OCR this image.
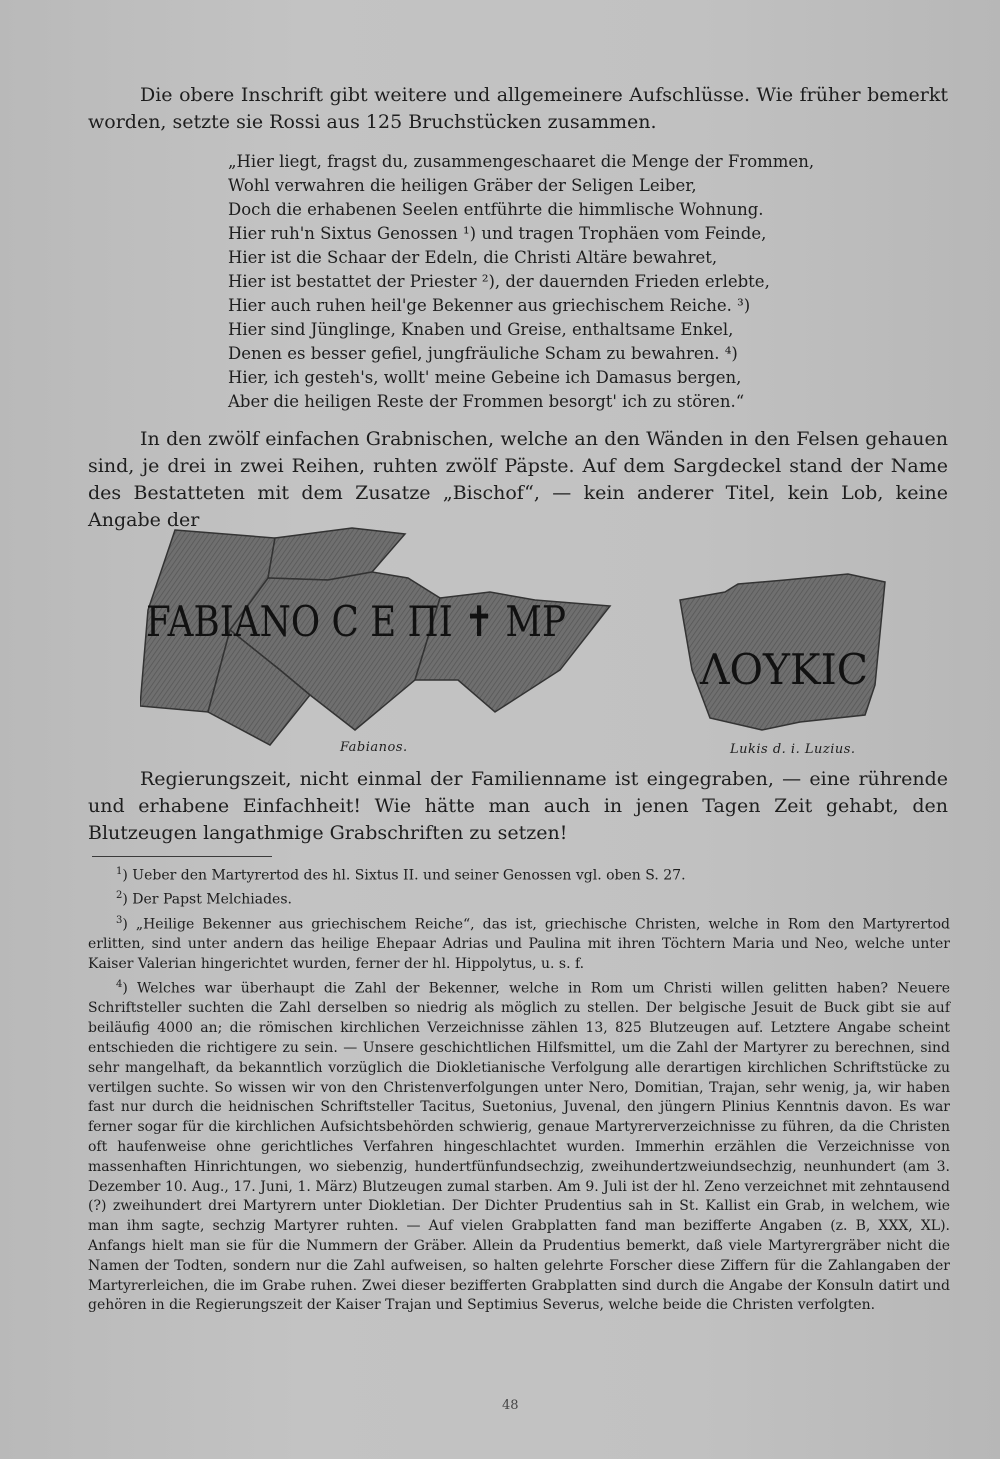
Die obere Inschrift gibt weitere und allgemeinere Aufschlüsse. Wie früher bemerkt worden, setzte sie Rossi aus 125 Bruchstücken zusammen.

„Hier liegt, fragst du, zusammengeschaaret die Menge der Frommen,
Wohl verwahren die heiligen Gräber der Seligen Leiber,
Doch die erhabenen Seelen entführte die himmlische Wohnung.
Hier ruh'n Sixtus Genossen ¹) und tragen Trophäen vom Feinde,
Hier ist die Schaar der Edeln, die Christi Altäre bewahret,
Hier ist bestattet der Priester ²), der dauernden Frieden erlebte,
Hier auch ruhen heil'ge Bekenner aus griechischem Reiche. ³)
Hier sind Jünglinge, Knaben und Greise, enthaltsame Enkel,
Denen es besser gefiel, jungfräuliche Scham zu bewahren. ⁴)
Hier, ich gesteh's, wollt' meine Gebeine ich Damasus bergen,
Aber die heiligen Reste der Frommen besorgt' ich zu stören.“

In den zwölf einfachen Grabnischen, welche an den Wänden in den Felsen gehauen sind, je drei in zwei Reihen, ruhten zwölf Päpste. Auf dem Sargdeckel stand der Name des Bestatteten mit dem Zusatze „Bischof“, — kein anderer Titel, kein Lob, keine Angabe der

FABIANO C E ΠΙ ✝ ΜΡ
Fabianos.
ΛΟΥΚΙC
Lukis d. i. Luzius.

Regierungszeit, nicht einmal der Familienname ist eingegraben, — eine rührende und erhabene Einfachheit! Wie hätte man auch in jenen Tagen Zeit gehabt, den Blutzeugen langathmige Grabschriften zu setzen!

$^1$) Ueber den Martyrertod des hl. Sixtus II. und seiner Genossen vgl. oben S. 27.

$^2$) Der Papst Melchiades.

$^3$) „Heilige Bekenner aus griechischem Reiche“, das ist, griechische Christen, welche in Rom den Martyrertod erlitten, sind unter andern das heilige Ehepaar Adrias und Paulina mit ihren Töchtern Maria und Neo, welche unter Kaiser Valerian hingerichtet wurden, ferner der hl. Hippolytus, u. s. f.

$^4$) Welches war überhaupt die Zahl der Bekenner, welche in Rom um Christi willen gelitten haben? Neuere Schriftsteller suchten die Zahl derselben so niedrig als möglich zu stellen. Der belgische Jesuit de Buck gibt sie auf beiläufig 4000 an; die römischen kirchlichen Verzeichnisse zählen 13, 825 Blutzeugen auf. Letztere Angabe scheint entschieden die richtigere zu sein. — Unsere geschichtlichen Hilfsmittel, um die Zahl der Martyrer zu berechnen, sind sehr mangelhaft, da bekanntlich vorzüglich die Diokletianische Verfolgung alle derartigen kirchlichen Schriftstücke zu vertilgen suchte. So wissen wir von den Christenverfolgungen unter Nero, Domitian, Trajan, sehr wenig, ja, wir haben fast nur durch die heidnischen Schriftsteller Tacitus, Suetonius, Juvenal, den jüngern Plinius Kenntnis davon. Es war ferner sogar für die kirchlichen Aufsichtsbehörden schwierig, genaue Martyrerverzeichnisse zu führen, da die Christen oft haufenweise ohne gerichtliches Verfahren hingeschlachtet wurden. Immerhin erzählen die Verzeichnisse von massenhaften Hinrichtungen, wo siebenzig, hundertfünfundsechzig, zweihundertzweiundsechzig, neunhundert (am 3. Dezember 10. Aug., 17. Juni, 1. März) Blutzeugen zumal starben. Am 9. Juli ist der hl. Zeno verzeichnet mit zehntausend (?) zweihundert drei Martyrern unter Diokletian. Der Dichter Prudentius sah in St. Kallist ein Grab, in welchem, wie man ihm sagte, sechzig Martyrer ruhten. — Auf vielen Grabplatten fand man bezifferte Angaben (z. B, XXX, XL). Anfangs hielt man sie für die Nummern der Gräber. Allein da Prudentius bemerkt, daß viele Martyrergräber nicht die Namen der Todten, sondern nur die Zahl aufweisen, so halten gelehrte Forscher diese Ziffern für die Zahlangaben der Martyrerleichen, die im Grabe ruhen. Zwei dieser bezifferten Grabplatten sind durch die Angabe der Konsuln datirt und gehören in die Regierungszeit der Kaiser Trajan und Septimius Severus, welche beide die Christen verfolgten.

48
